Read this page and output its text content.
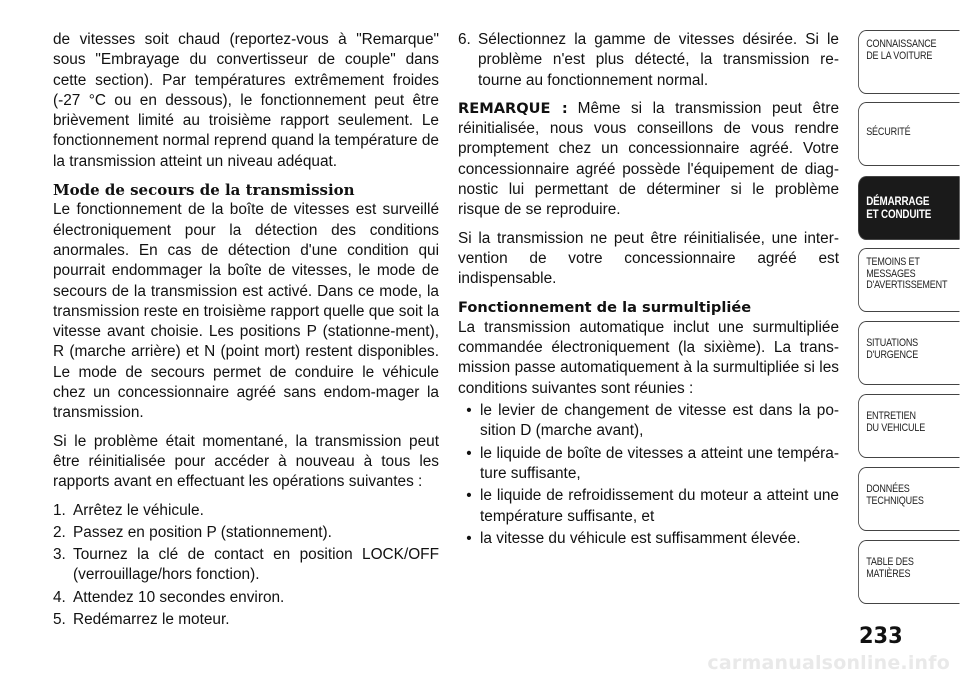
de vitesses soit chaud (reportez-vous à "Remarque" sous "Embrayage du convertisseur de couple" dans cette section). Par températures extrêmement froides (-27 °C ou en dessous), le fonctionnement peut être brièvement limité au troisième rapport seulement. Le fonctionnement normal reprend quand la température de la transmission atteint un niveau adéquat.

Mode de secours de la transmission

Le fonctionnement de la boîte de vitesses est surveillé électroniquement pour la détection des conditions anormales. En cas de détection d'une condition qui pourrait endommager la boîte de vitesses, le mode de secours de la transmission est activé. Dans ce mode, la transmission reste en troisième rapport quelle que soit la vitesse avant choisie. Les positions P (stationne-ment), R (marche arrière) et N (point mort) restent disponibles. Le mode de secours permet de conduire le véhicule chez un concessionnaire agréé sans endom-mager la transmission.

Si le problème était momentané, la transmission peut être réinitialisée pour accéder à nouveau à tous les rapports avant en effectuant les opérations suivantes :

1. Arrêtez le véhicule.
2. Passez en position P (stationnement).
3. Tournez la clé de contact en position LOCK/OFF (verrouillage/hors fonction).
4. Attendez 10 secondes environ.
5. Redémarrez le moteur.
6. Sélectionnez la gamme de vitesses désirée. Si le problème n'est plus détecté, la transmission re-tourne au fonctionnement normal.

REMARQUE : Même si la transmission peut être réinitialisée, nous vous conseillons de vous rendre promptement chez un concessionnaire agréé. Votre concessionnaire agréé possède l'équipement de diag-nostic lui permettant de déterminer si le problème risque de se reproduire.

Si la transmission ne peut être réinitialisée, une inter-vention de votre concessionnaire agréé est indispensable.

Fonctionnement de la surmultipliée

La transmission automatique inclut une surmultipliée commandée électroniquement (la sixième). La trans-mission passe automatiquement à la surmultipliée si les conditions suivantes sont réunies :

• le levier de changement de vitesse est dans la po-sition D (marche avant),
• le liquide de boîte de vitesses a atteint une tempéra-ture suffisante,
• le liquide de refroidissement du moteur a atteint une température suffisante, et
• la vitesse du véhicule est suffisamment élevée.
CONNAISSANCE
DE LA VOITURE
SÉCURITÉ
DÉMARRAGE
ET CONDUITE
TEMOINS ET
MESSAGES
D'AVERTISSEMENT
SITUATIONS
D'URGENCE
ENTRETIEN
DU VEHICULE
DONNÉES
TECHNIQUES
TABLE DES
MATIÈRES
233
carmanualsonline.info
